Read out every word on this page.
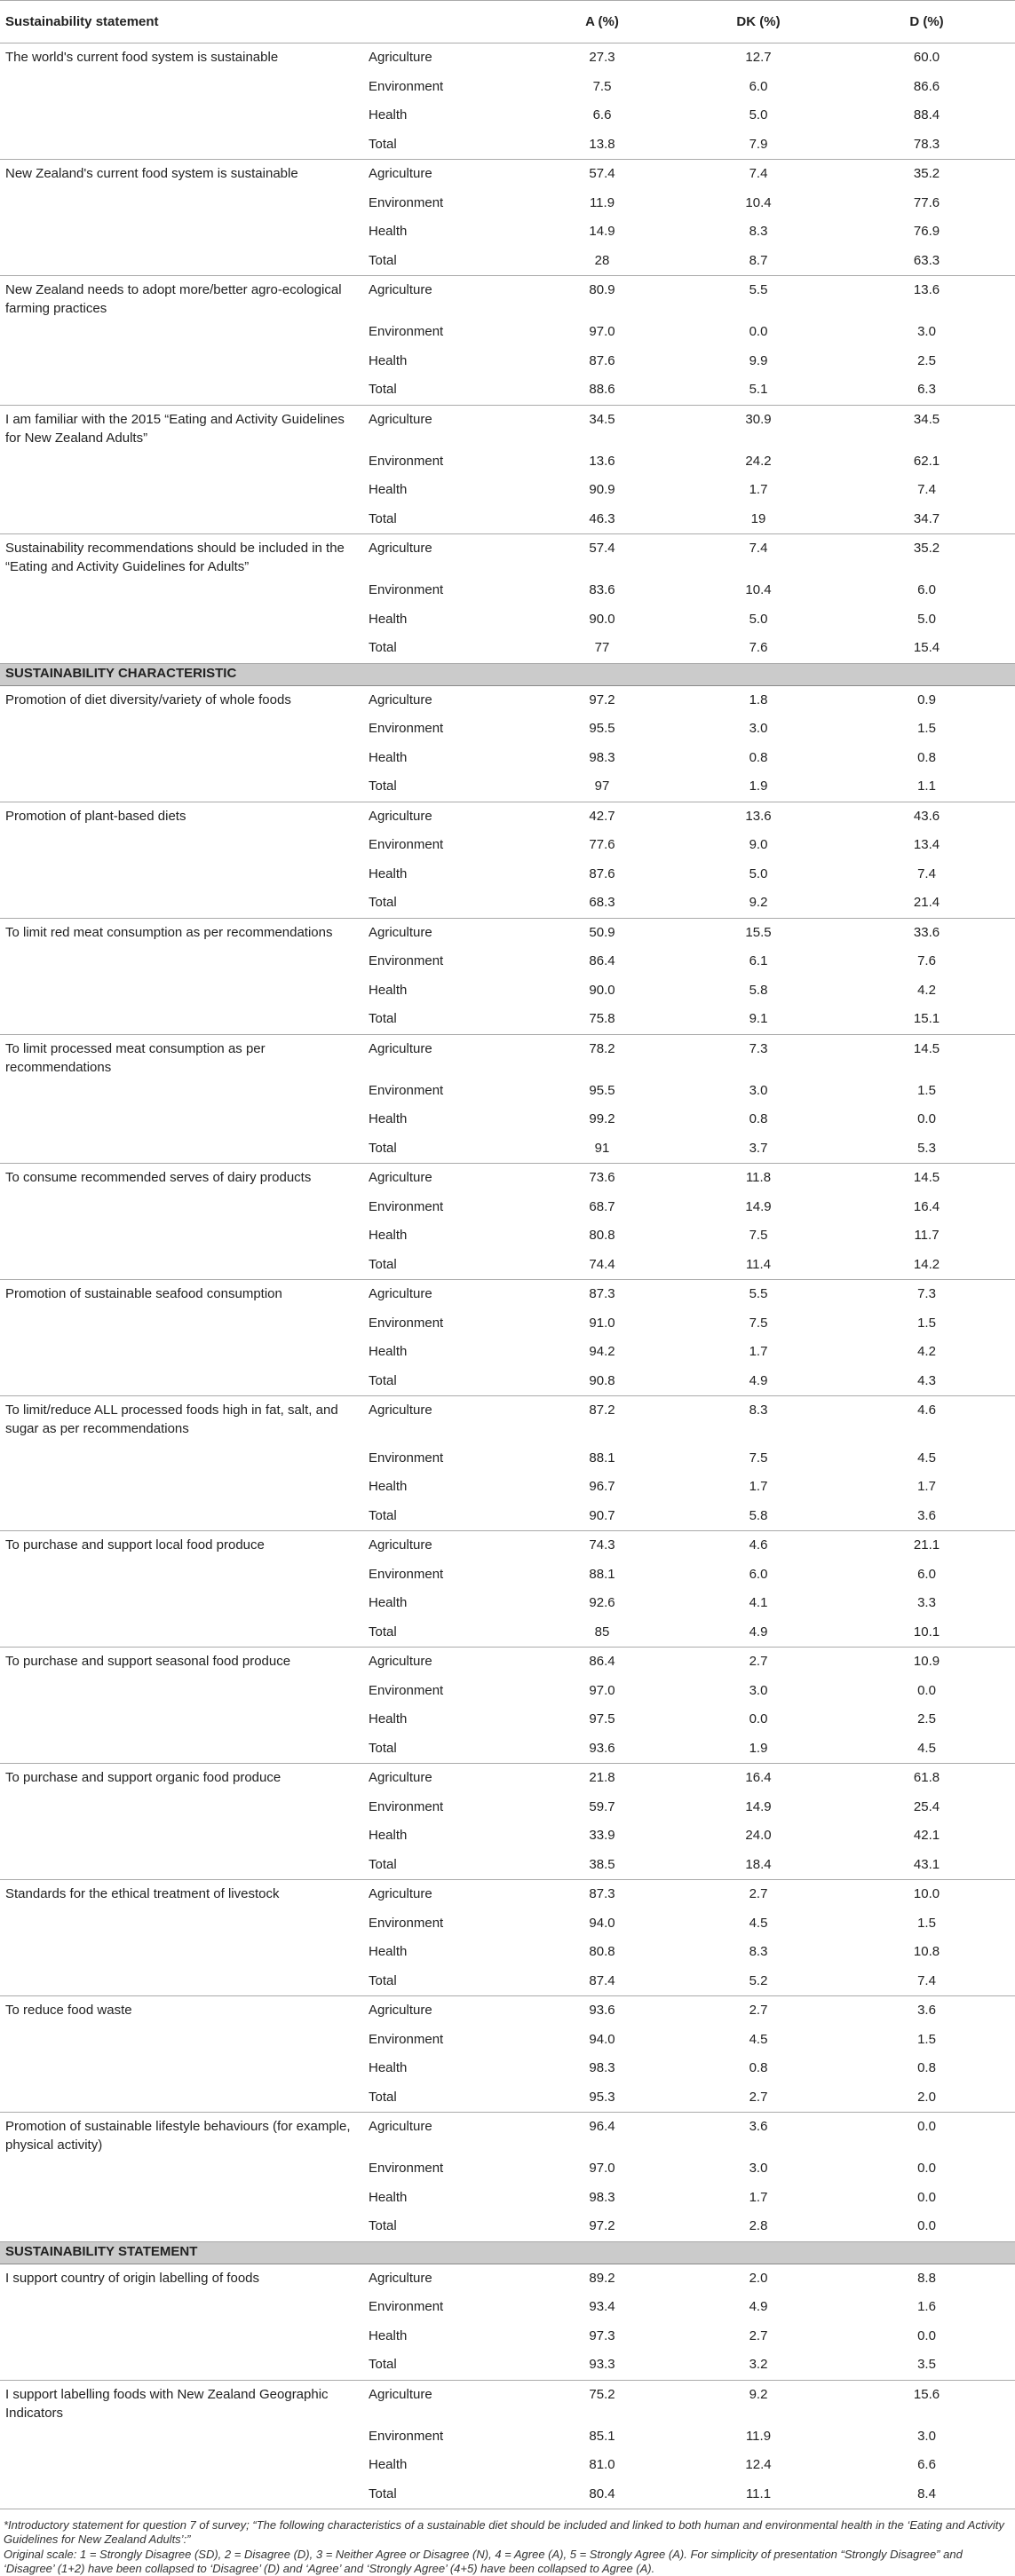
Sustainability statement		A (%)	DK (%)	D (%)
The world's current food system is sustainable	Agriculture	27.3	12.7	60.0
	Environment	7.5	6.0	86.6
	Health	6.6	5.0	88.4
	Total	13.8	7.9	78.3
New Zealand's current food system is sustainable	Agriculture	57.4	7.4	35.2
	Environment	11.9	10.4	77.6
	Health	14.9	8.3	76.9
	Total	28	8.7	63.3
New Zealand needs to adopt more/better agro-ecological farming practices	Agriculture	80.9	5.5	13.6
	Environment	97.0	0.0	3.0
	Health	87.6	9.9	2.5
	Total	88.6	5.1	6.3
I am familiar with the 2015 “Eating and Activity Guidelines for New Zealand Adults”	Agriculture	34.5	30.9	34.5
	Environment	13.6	24.2	62.1
	Health	90.9	1.7	7.4
	Total	46.3	19	34.7
Sustainability recommendations should be included in the “Eating and Activity Guidelines for Adults”	Agriculture	57.4	7.4	35.2
	Environment	83.6	10.4	6.0
	Health	90.0	5.0	5.0
	Total	77	7.6	15.4
SUSTAINABILITY CHARACTERISTIC				
Promotion of diet diversity/variety of whole foods	Agriculture	97.2	1.8	0.9
	Environment	95.5	3.0	1.5
	Health	98.3	0.8	0.8
	Total	97	1.9	1.1
Promotion of plant-based diets	Agriculture	42.7	13.6	43.6
	Environment	77.6	9.0	13.4
	Health	87.6	5.0	7.4
	Total	68.3	9.2	21.4
To limit red meat consumption as per recommendations	Agriculture	50.9	15.5	33.6
	Environment	86.4	6.1	7.6
	Health	90.0	5.8	4.2
	Total	75.8	9.1	15.1
To limit processed meat consumption as per recommendations	Agriculture	78.2	7.3	14.5
	Environment	95.5	3.0	1.5
	Health	99.2	0.8	0.0
	Total	91	3.7	5.3
To consume recommended serves of dairy products	Agriculture	73.6	11.8	14.5
	Environment	68.7	14.9	16.4
	Health	80.8	7.5	11.7
	Total	74.4	11.4	14.2
Promotion of sustainable seafood consumption	Agriculture	87.3	5.5	7.3
	Environment	91.0	7.5	1.5
	Health	94.2	1.7	4.2
	Total	90.8	4.9	4.3
To limit/reduce ALL processed foods high in fat, salt, and sugar as per recommendations	Agriculture	87.2	8.3	4.6
	Environment	88.1	7.5	4.5
	Health	96.7	1.7	1.7
	Total	90.7	5.8	3.6
To purchase and support local food produce	Agriculture	74.3	4.6	21.1
	Environment	88.1	6.0	6.0
	Health	92.6	4.1	3.3
	Total	85	4.9	10.1
To purchase and support seasonal food produce	Agriculture	86.4	2.7	10.9
	Environment	97.0	3.0	0.0
	Health	97.5	0.0	2.5
	Total	93.6	1.9	4.5
To purchase and support organic food produce	Agriculture	21.8	16.4	61.8
	Environment	59.7	14.9	25.4
	Health	33.9	24.0	42.1
	Total	38.5	18.4	43.1
Standards for the ethical treatment of livestock	Agriculture	87.3	2.7	10.0
	Environment	94.0	4.5	1.5
	Health	80.8	8.3	10.8
	Total	87.4	5.2	7.4
To reduce food waste	Agriculture	93.6	2.7	3.6
	Environment	94.0	4.5	1.5
	Health	98.3	0.8	0.8
	Total	95.3	2.7	2.0
Promotion of sustainable lifestyle behaviours (for example, physical activity)	Agriculture	96.4	3.6	0.0
	Environment	97.0	3.0	0.0
	Health	98.3	1.7	0.0
	Total	97.2	2.8	0.0
SUSTAINABILITY STATEMENT				
I support country of origin labelling of foods	Agriculture	89.2	2.0	8.8
	Environment	93.4	4.9	1.6
	Health	97.3	2.7	0.0
	Total	93.3	3.2	3.5
I support labelling foods with New Zealand Geographic Indicators	Agriculture	75.2	9.2	15.6
	Environment	85.1	11.9	3.0
	Health	81.0	12.4	6.6
	Total	80.4	11.1	8.4
*Introductory statement for question 7 of survey; “The following characteristics of a sustainable diet should be included and linked to both human and environmental health in the ‘Eating and Activity Guidelines for New Zealand Adults’:”
Original scale: 1 = Strongly Disagree (SD), 2 = Disagree (D), 3 = Neither Agree or Disagree (N), 4 = Agree (A), 5 = Strongly Agree (A). For simplicity of presentation “Strongly Disagree” and ‘Disagree’ (1+2) have been collapsed to ‘Disagree’ (D) and ‘Agree’ and ‘Strongly Agree’ (4+5) have been collapsed to Agree (A).
